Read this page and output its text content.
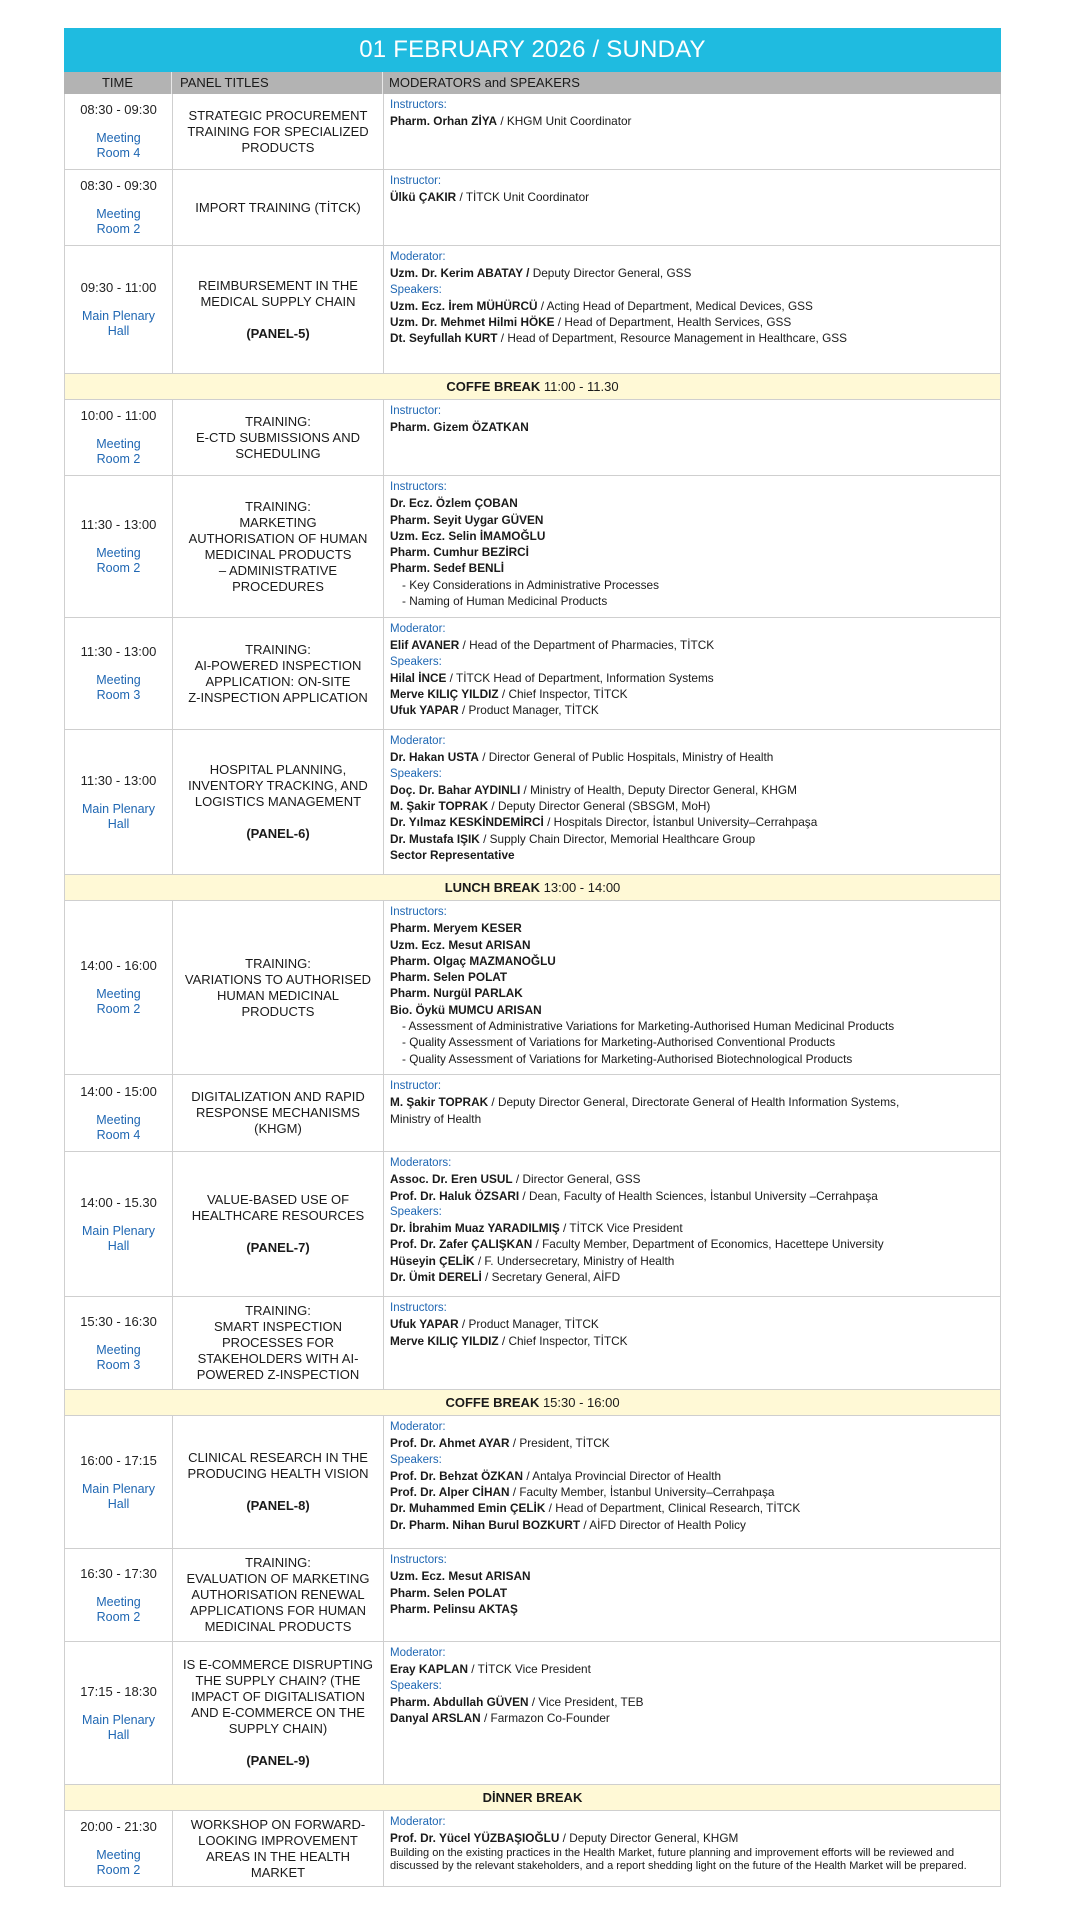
01 FEBRUARY 2026 / SUNDAY
TIME	PANEL TITLES	MODERATORS and SPEAKERS
08:30 - 09:30
Meeting
Room 4
STRATEGIC PROCUREMENT
TRAINING FOR SPECIALIZED
PRODUCTS
Instructors:
Pharm. Orhan ZİYA / KHGM Unit Coordinator
08:30 - 09:30
Meeting
Room 2
IMPORT TRAINING (TİTCK)
Instructor:
Ülkü ÇAKIR / TİTCK Unit Coordinator
09:30 - 11:00
Main Plenary
Hall
REIMBURSEMENT IN THE
MEDICAL SUPPLY CHAIN
(PANEL-5)
Moderator:
Uzm. Dr. Kerim ABATAY / Deputy Director General, GSS
Speakers:
Uzm. Ecz. İrem MÜHÜRCÜ / Acting Head of Department, Medical Devices, GSS
Uzm. Dr. Mehmet Hilmi HÖKE / Head of Department, Health Services, GSS
Dt. Seyfullah KURT / Head of Department, Resource Management in Healthcare, GSS
COFFE BREAK 11:00 - 11.30
10:00 - 11:00
Meeting
Room 2
TRAINING:
E-CTD SUBMISSIONS AND
SCHEDULING
Instructor:
Pharm. Gizem ÖZATKAN
11:30 - 13:00
Meeting
Room 2
TRAINING:
MARKETING
AUTHORISATION OF HUMAN
MEDICINAL PRODUCTS
– ADMINISTRATIVE
PROCEDURES
Instructors:
Dr. Ecz. Özlem ÇOBAN
Pharm. Seyit Uygar GÜVEN
Uzm. Ecz. Selin İMAMOĞLU
Pharm. Cumhur BEZİRCİ
Pharm. Sedef BENLİ
- Key Considerations in Administrative Processes
- Naming of Human Medicinal Products
11:30 - 13:00
Meeting
Room 3
TRAINING:
AI-POWERED INSPECTION
APPLICATION: ON-SITE
Z-INSPECTION APPLICATION
Moderator:
Elif AVANER / Head of the Department of Pharmacies, TİTCK
Speakers:
Hilal İNCE / TİTCK Head of Department, Information Systems
Merve KILIÇ YILDIZ / Chief Inspector, TİTCK
Ufuk YAPAR / Product Manager, TİTCK
11:30 - 13:00
Main Plenary
Hall
HOSPITAL PLANNING,
INVENTORY TRACKING, AND
LOGISTICS MANAGEMENT
(PANEL-6)
Moderator:
Dr. Hakan USTA / Director General of Public Hospitals, Ministry of Health
Speakers:
Doç. Dr. Bahar AYDINLI / Ministry of Health, Deputy Director General, KHGM
M. Şakir TOPRAK / Deputy Director General (SBSGM, MoH)
Dr. Yılmaz KESKİNDEMİRCİ / Hospitals Director, İstanbul University–Cerrahpaşa
Dr. Mustafa IŞIK / Supply Chain Director, Memorial Healthcare Group
Sector Representative
LUNCH BREAK 13:00 - 14:00
14:00 - 16:00
Meeting
Room 2
TRAINING:
VARIATIONS TO AUTHORISED
HUMAN MEDICINAL
PRODUCTS
Instructors:
Pharm. Meryem KESER
Uzm. Ecz. Mesut ARISAN
Pharm. Olgaç MAZMANOĞLU
Pharm. Selen POLAT
Pharm. Nurgül PARLAK
Bio. Öykü MUMCU ARISAN
- Assessment of Administrative Variations for Marketing-Authorised Human Medicinal Products
- Quality Assessment of Variations for Marketing-Authorised Conventional Products
- Quality Assessment of Variations for Marketing-Authorised Biotechnological Products
14:00 - 15:00
Meeting
Room 4
DIGITALIZATION AND RAPID
RESPONSE MECHANISMS
(KHGM)
Instructor:
M. Şakir TOPRAK / Deputy Director General, Directorate General of Health Information Systems,
Ministry of Health
14:00 - 15.30
Main Plenary
Hall
VALUE-BASED USE OF
HEALTHCARE RESOURCES
(PANEL-7)
Moderators:
Assoc. Dr. Eren USUL / Director General, GSS
Prof. Dr. Haluk ÖZSARI / Dean, Faculty of Health Sciences, İstanbul University –Cerrahpaşa
Speakers:
Dr. İbrahim Muaz YARADILMIŞ / TİTCK Vice President
Prof. Dr. Zafer ÇALIŞKAN / Faculty Member, Department of Economics, Hacettepe University
Hüseyin ÇELİK / F. Undersecretary, Ministry of Health
Dr. Ümit DERELİ / Secretary General, AİFD
15:30 - 16:30
Meeting
Room 3
TRAINING:
SMART INSPECTION
PROCESSES FOR
STAKEHOLDERS WITH AI-
POWERED Z-INSPECTION
Instructors:
Ufuk YAPAR / Product Manager, TİTCK
Merve KILIÇ YILDIZ / Chief Inspector, TİTCK
COFFE BREAK 15:30 - 16:00
16:00 - 17:15
Main Plenary
Hall
CLINICAL RESEARCH IN THE
PRODUCING HEALTH VISION
(PANEL-8)
Moderator:
Prof. Dr. Ahmet AYAR / President, TİTCK
Speakers:
Prof. Dr. Behzat ÖZKAN / Antalya Provincial Director of Health
Prof. Dr. Alper CİHAN / Faculty Member, İstanbul University–Cerrahpaşa
Dr. Muhammed Emin ÇELİK / Head of Department, Clinical Research, TİTCK
Dr. Pharm. Nihan Burul BOZKURT / AİFD Director of Health Policy
16:30 - 17:30
Meeting
Room 2
TRAINING:
EVALUATION OF MARKETING
AUTHORISATION RENEWAL
APPLICATIONS FOR HUMAN
MEDICINAL PRODUCTS
Instructors:
Uzm. Ecz. Mesut ARISAN
Pharm. Selen POLAT
Pharm. Pelinsu AKTAŞ
17:15 - 18:30
Main Plenary
Hall
IS E-COMMERCE DISRUPTING
THE SUPPLY CHAIN? (THE
IMPACT OF DIGITALISATION
AND E-COMMERCE ON THE
SUPPLY CHAIN)
(PANEL-9)
Moderator:
Eray KAPLAN / TİTCK Vice President
Speakers:
Pharm. Abdullah GÜVEN / Vice President, TEB
Danyal ARSLAN / Farmazon Co-Founder
DİNNER BREAK
20:00 - 21:30
Meeting
Room 2
WORKSHOP ON FORWARD-
LOOKING IMPROVEMENT
AREAS IN THE HEALTH
MARKET
Moderator:
Prof. Dr. Yücel YÜZBAŞIOĞLU / Deputy Director General, KHGM
Building on the existing practices in the Health Market, future planning and improvement efforts will be reviewed and discussed by the relevant stakeholders, and a report shedding light on the future of the Health Market will be prepared.
